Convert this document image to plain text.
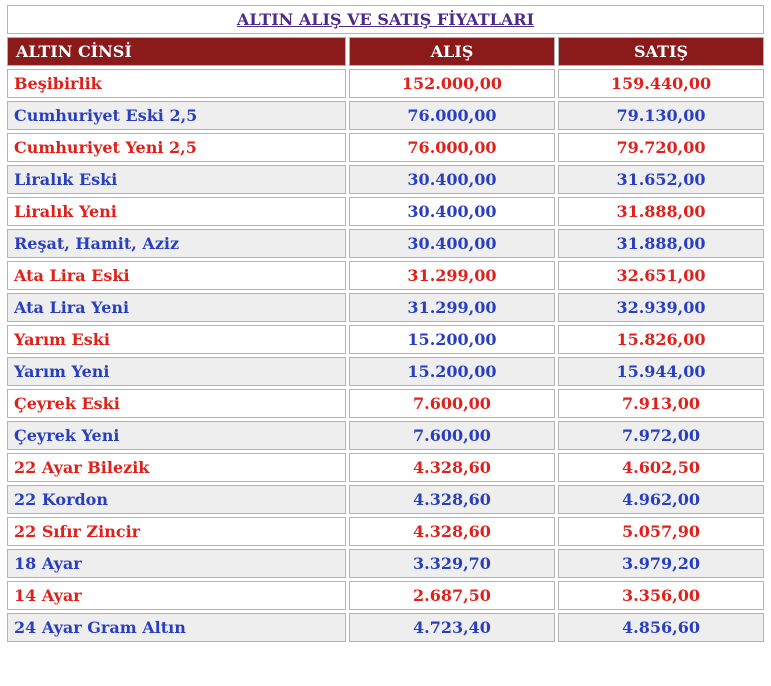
ALTIN ALIŞ VE SATIŞ FİYATLARI		
ALTIN CİNSİ	ALIŞ	SATIŞ
Beşibirlik	152.000,00	159.440,00
Cumhuriyet Eski 2,5	76.000,00	79.130,00
Cumhuriyet Yeni 2,5	76.000,00	79.720,00
Liralık Eski	30.400,00	31.652,00
Liralık Yeni	30.400,00	31.888,00
Reşat, Hamit, Aziz	30.400,00	31.888,00
Ata Lira Eski	31.299,00	32.651,00
Ata Lira Yeni	31.299,00	32.939,00
Yarım Eski	15.200,00	15.826,00
Yarım Yeni	15.200,00	15.944,00
Çeyrek Eski	7.600,00	7.913,00
Çeyrek Yeni	7.600,00	7.972,00
22 Ayar Bilezik	4.328,60	4.602,50
22 Kordon	4.328,60	4.962,00
22 Sıfır Zincir	4.328,60	5.057,90
18 Ayar	3.329,70	3.979,20
14 Ayar	2.687,50	3.356,00
24 Ayar Gram Altın	4.723,40	4.856,60
